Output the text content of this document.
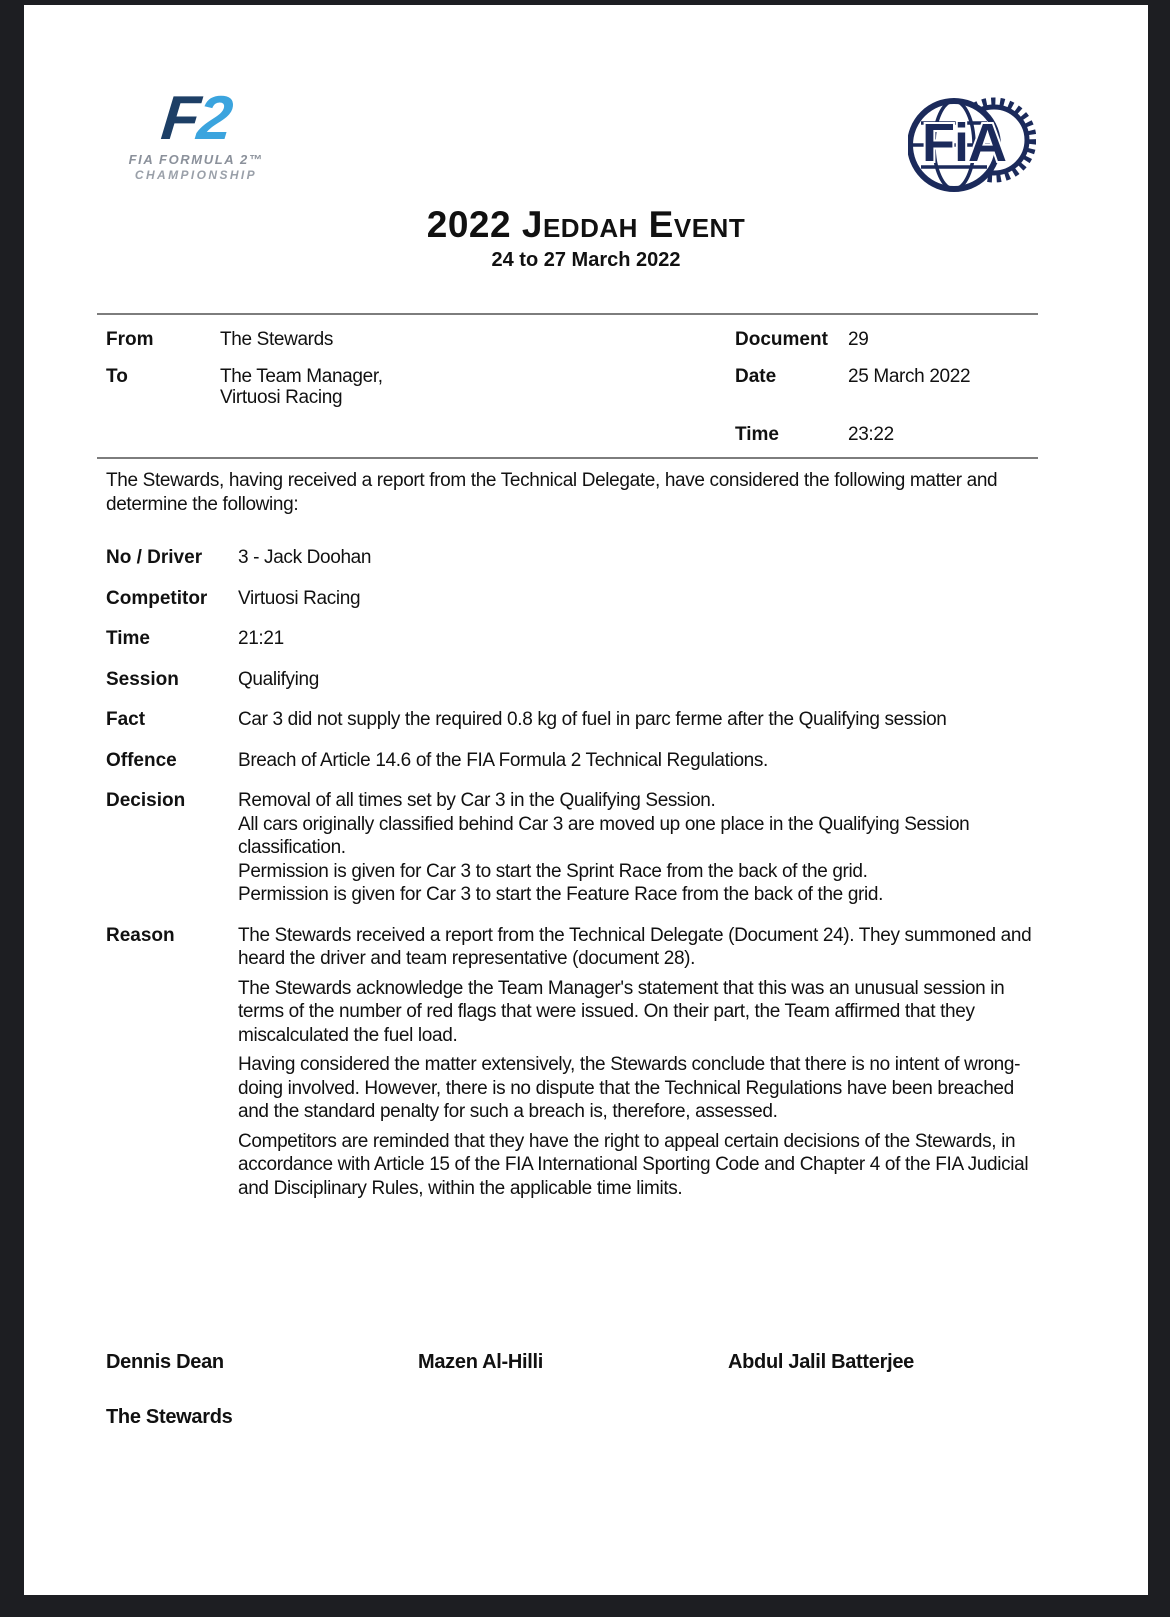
F2
FIA FORMULA 2™
CHAMPIONSHIP
FiA
2022 Jeddah Event
24 to 27 March 2022
From	The Stewards	Document	29
To	The Team Manager,
Virtuosi Racing
Date	25 March 2022
Time	23:22

The Stewards, having received a report from the Technical Delegate, have considered the following matter and determine the following:

No / Driver	3 - Jack Doohan
Competitor	Virtuosi Racing
Time	21:21
Session	Qualifying
Fact	Car 3 did not supply the required 0.8 kg of fuel in parc ferme after the Qualifying session
Offence	Breach of Article 14.6 of the FIA Formula 2 Technical Regulations.
Decision	Removal of all times set by Car 3 in the Qualifying Session.
All cars originally classified behind Car 3 are moved up one place in the Qualifying Session classification.
Permission is given for Car 3 to start the Sprint Race from the back of the grid.
Permission is given for Car 3 to start the Feature Race from the back of the grid.
Reason	The Stewards received a report from the Technical Delegate (Document 24). They summoned and heard the driver and team representative (document 28).

The Stewards acknowledge the Team Manager's statement that this was an unusual session in terms of the number of red flags that were issued. On their part, the Team affirmed that they miscalculated the fuel load.

Having considered the matter extensively, the Stewards conclude that there is no intent of wrong-doing involved. However, there is no dispute that the Technical Regulations have been breached and the standard penalty for such a breach is, therefore, assessed.

Competitors are reminded that they have the right to appeal certain decisions of the Stewards, in accordance with Article 15 of the FIA International Sporting Code and Chapter 4 of the FIA Judicial and Disciplinary Rules, within the applicable time limits.

Dennis Dean	Mazen Al-Hilli	Abdul Jalil Batterjee
The Stewards
